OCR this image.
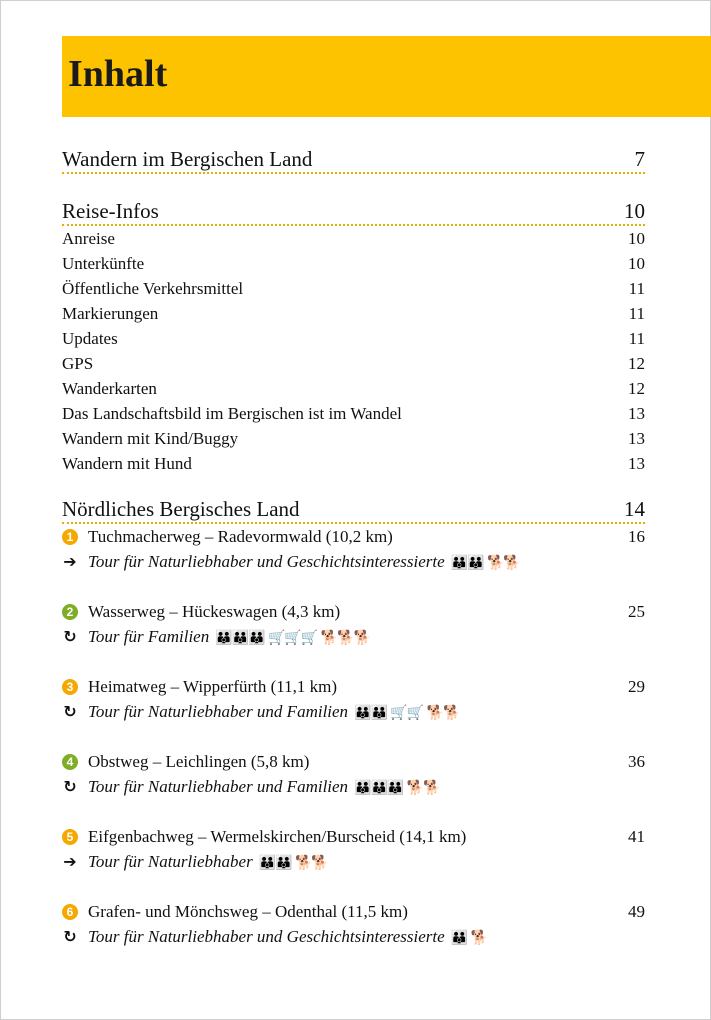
Inhalt
Wandern im Bergischen Land	7
Reise-Infos	10
Anreise	10
Unterkünfte	10
Öffentliche Verkehrsmittel	11
Markierungen	11
Updates	11
GPS	12
Wanderkarten	12
Das Landschaftsbild im Bergischen ist im Wandel	13
Wandern mit Kind/Buggy	13
Wandern mit Hund	13
Nördliches Bergisches Land	14
1 Tuchmacherweg – Radevormwald (10,2 km)	16
➔ Tour für Naturliebhaber und Geschichtsinteressierte 👪👪 🐕🐕
2 Wasserweg – Hückeswagen (4,3 km)	25
↻ Tour für Familien 👪👪👪 🛒🛒🛒 🐕🐕🐕
3 Heimatweg – Wipperfürth (11,1 km)	29
↻ Tour für Naturliebhaber und Familien 👪👪 🛒🛒 🐕🐕
4 Obstweg – Leichlingen (5,8 km)	36
↻ Tour für Naturliebhaber und Familien 👪👪👪 🐕🐕
5 Eifgenbachweg – Wermelskirchen/Burscheid (14,1 km)	41
➔ Tour für Naturliebhaber 👪👪 🐕🐕
6 Grafen- und Mönchsweg – Odenthal (11,5 km)	49
↻ Tour für Naturliebhaber und Geschichtsinteressierte 👪 🐕
